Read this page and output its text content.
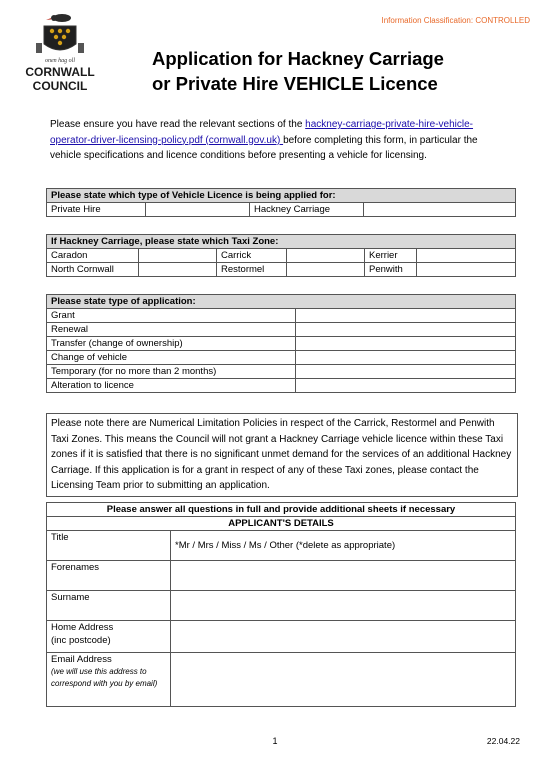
Information Classification: CONTROLLED
onen hag oll
CORNWALL
COUNCIL
Application for Hackney Carriage
or Private Hire VEHICLE Licence
Please ensure you have read the relevant sections of the hackney-carriage-private-hire-vehicle-operator-driver-licensing-policy.pdf (cornwall.gov.uk) before completing this form, in particular the vehicle specifications and licence conditions before presenting a vehicle for licensing.
Please state which type of Vehicle Licence is being applied for:
Private Hire		Hackney Carriage	
If Hackney Carriage, please state which Taxi Zone:					
Caradon		Carrick		Kerrier	
North Cornwall		Restormel		Penwith	
Please state type of application:	
Grant	
Renewal	
Transfer (change of ownership)	
Change of vehicle	
Temporary (for no more than 2 months)	
Alteration to licence	
Please note there are Numerical Limitation Policies in respect of the Carrick, Restormel and Penwith Taxi Zones. This means the Council will not grant a Hackney Carriage vehicle licence within these Taxi zones if it is satisfied that there is no significant unmet demand for the services of an additional Hackney Carriage. If this application is for a grant in respect of any of these Taxi zones, please contact the Licensing Team prior to submitting an application.
Please answer all questions in full and provide additional sheets if necessary	
APPLICANT'S DETAILS	
Title	*Mr / Mrs / Miss / Ms / Other (*delete as appropriate)
Forenames	
Surname	

Home Address
(inc postcode)	

Email Address
(we will use this address to correspond with you by email)	

1	22.04.22
